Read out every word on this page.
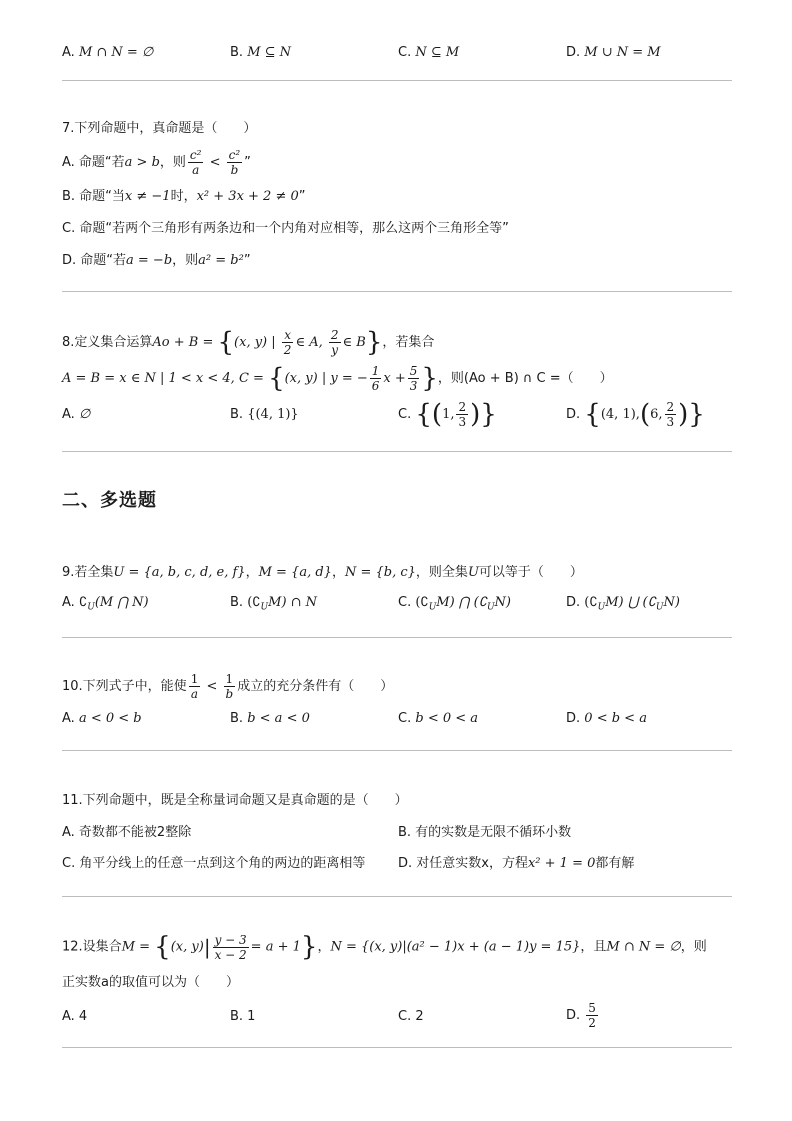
A. M ∩ N = ∅	B. M ⊆ N	C. N ⊆ M	D. M ∪ N = M
7.下列命题中，真命题是（　　）
A. 命题“若a > b，则 $\frac{\text{c²}}{a} < \frac{\text{c²}}{b}$ ”
B. 命题“当x ≠ −1时，x² + 3x + 2 ≠ 0”
C. 命题“若两个三角形有两条边和一个内角对应相等，那么这两个三角形全等”
D. 命题“若a = −b，则a² = b²”
8.定义集合运算Ao + B = {(x, y) | $\frac{x}{2}$ ∈ A, $\frac{2}{y}$ ∈ B}，若集合
A = B = x ∈ N | 1 < x < 4, C = {(x, y) | y = − $\frac{1}{6}$ $x + \frac{5}{3}$ }，则(Ao + B) ∩ C =（　　）
A. ∅	B. {(4, 1)}	C. {(1, $\frac{2}{3}$ )}	D. {(4, 1),(6, $\frac{2}{3}$ )}
二、多选题
9.若全集U = {a, b, c, d, e, f}，M = {a, d}，N = {b, c}，则全集U可以等于（　　）
A. $∁_U(M$ ⋂ N)	B. $(∁_UM)$ ∩ N	C. $(∁_UM)$ ⋂ $(∁_UN)$	D. $(∁_UM)$ ⋃ $(∁_UN)$
10.下列式子中，能使 $\frac{1}{a} < \frac{1}{b}$ 成立的充分条件有（　　）
A. a < 0 < b	B. b < a < 0	C. b < 0 < a	D. 0 < b < a
11.下列命题中，既是全称量词命题又是真命题的是（　　）
A. 奇数都不能被2整除	B. 有的实数是无限不循环小数
C. 角平分线上的任意一点到这个角的两边的距离相等	D. 对任意实数x，方程x² + 1 = 0都有解
12.设集合M = {(x, $y)| \frac{y - 3}{x - 2} = a + 1$}，N = {(x, y)|(a² − 1)x + (a − 1)y = 15}，且M ∩ N = ∅，则
正实数a的取值可以为（　　）
A. 4	B. 1	C. 2	D. $\frac{5}{2}$
